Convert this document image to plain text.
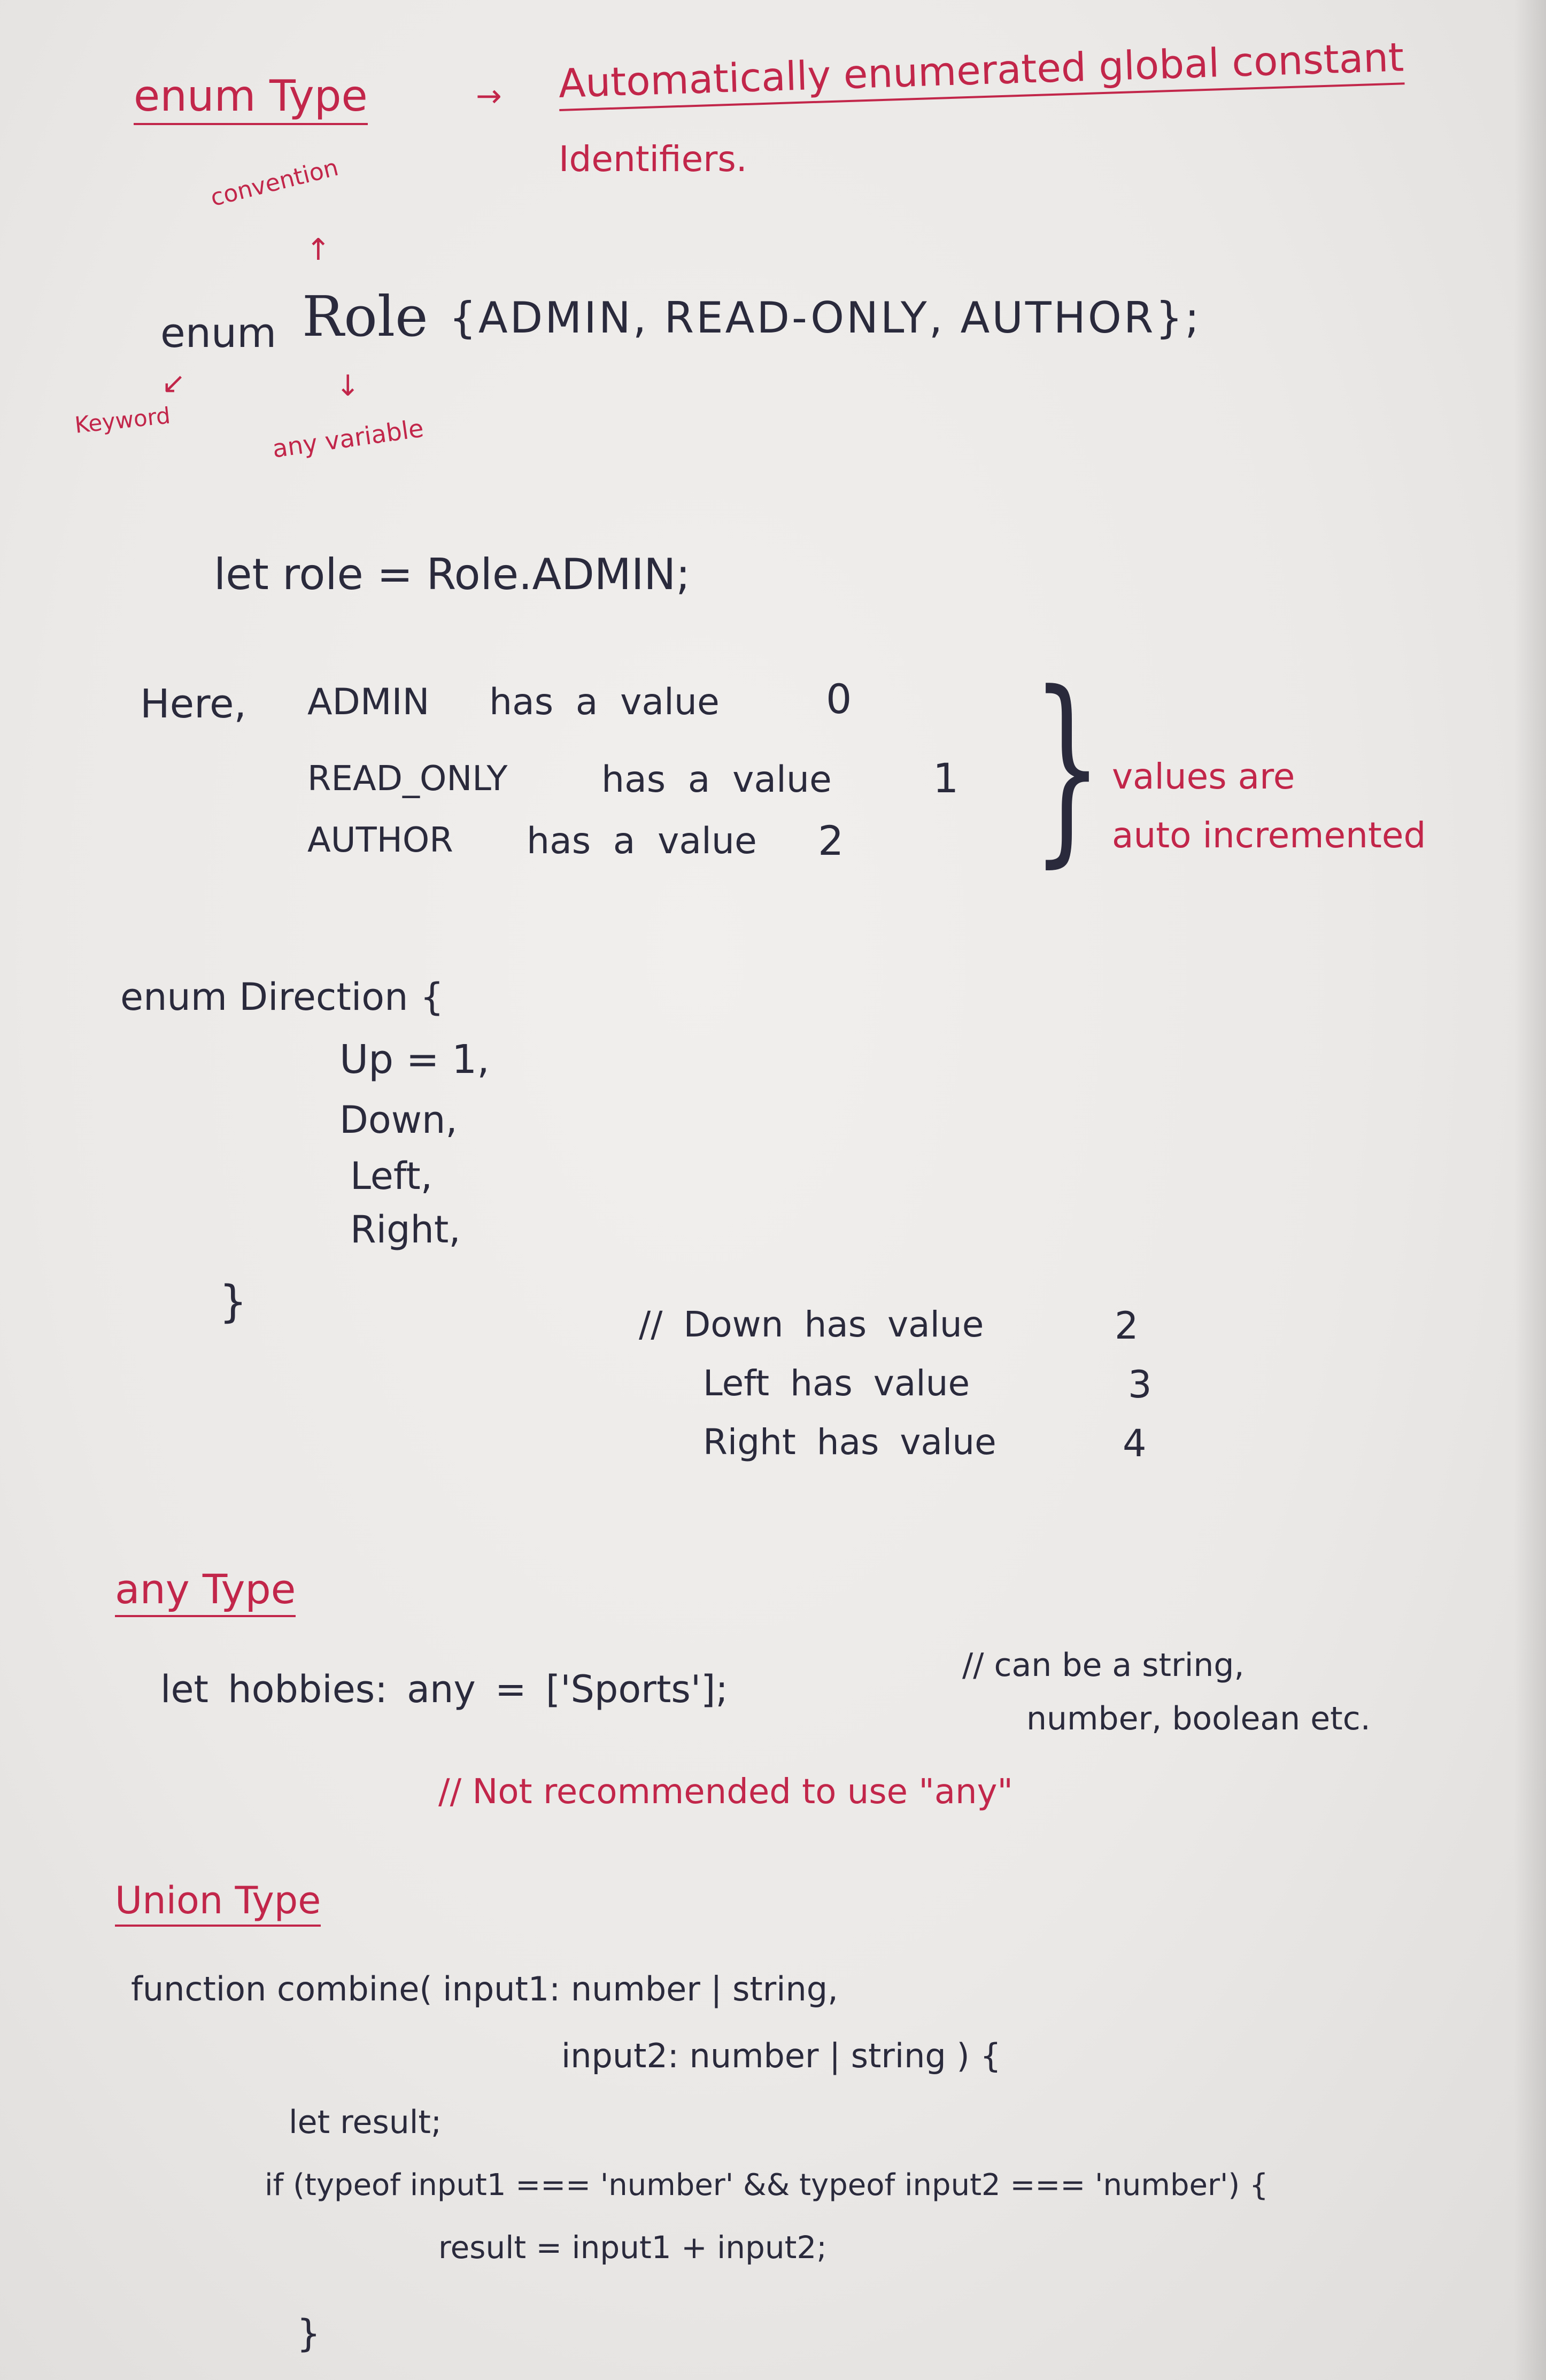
enum Type	→ Automatically enumerated global constant
Identifiers.
convention
↑
enum Role {ADMIN, READ-ONLY, AUTHOR};
↙
Keyword
↓
any variable
let role = Role.ADMIN;
Here, ADMIN has a value	0
READ_ONLY	has a value 1
AUTHOR has a value 2 } values are
auto incremented
enum Direction {
Up = 1,
Down,
Left,
Right,
}	// Down has value	2
Left has value	3
Right has value	4
any Type
let hobbies: any = ['Sports'];
// can be a string,
number, boolean etc.
// Not recommended to use "any"
Union Type
function combine( input1: number | string,
input2: number | string ) {
let result;
if (typeof input1 === 'number' && typeof input2 === 'number') {
result = input1 + input2;
}
